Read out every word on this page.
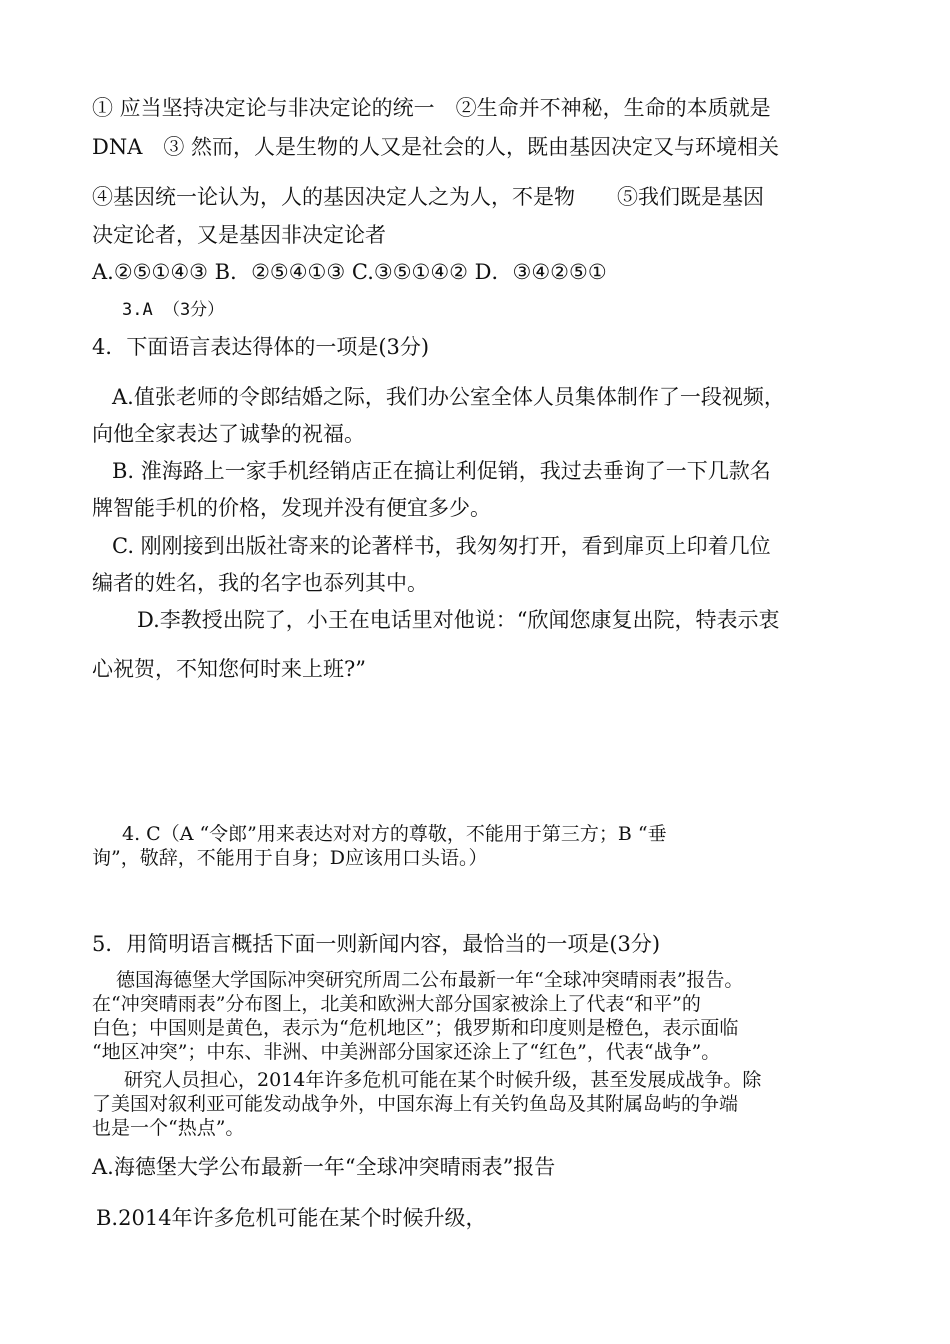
① 应当坚持决定论与非决定论的统一　②生命并不神秘，生命的本质就是
DNA　③ 然而，人是生物的人又是社会的人，既由基因决定又与环境相关
④基因统一论认为，人的基因决定人之为人，不是物　　⑤我们既是基因
决定论者，又是基因非决定论者
A.②⑤①④③ B．②⑤④①③ C.③⑤①④② D．③④②⑤①
3.A （3分）
4．下面语言表达得体的一项是(3分)
A.值张老师的令郎结婚之际，我们办公室全体人员集体制作了一段视频，
向他全家表达了诚挚的祝福。
B. 淮海路上一家手机经销店正在搞让利促销，我过去垂询了一下几款名
牌智能手机的价格，发现并没有便宜多少。
C. 刚刚接到出版社寄来的论著样书，我匆匆打开，看到扉页上印着几位
编者的姓名，我的名字也忝列其中。
D.李教授出院了，小王在电话里对他说：“欣闻您康复出院，特表示衷
心祝贺，不知您何时来上班?”
4. C（A “令郎”用来表达对对方的尊敬，不能用于第三方；B “垂
询”，敬辞，不能用于自身；D应该用口头语。）
5．用简明语言概括下面一则新闻内容，最恰当的一项是(3分)
德国海德堡大学国际冲突研究所周二公布最新一年“全球冲突晴雨表”报告。
在“冲突晴雨表”分布图上，北美和欧洲大部分国家被涂上了代表“和平”的
白色；中国则是黄色，表示为“危机地区”；俄罗斯和印度则是橙色，表示面临
“地区冲突”；中东、非洲、中美洲部分国家还涂上了“红色”，代表“战争”。
研究人员担心，2014年许多危机可能在某个时候升级，甚至发展成战争。除
了美国对叙利亚可能发动战争外，中国东海上有关钓鱼岛及其附属岛屿的争端
也是一个“热点”。
A.海德堡大学公布最新一年“全球冲突晴雨表”报告
B.2014年许多危机可能在某个时候升级，
